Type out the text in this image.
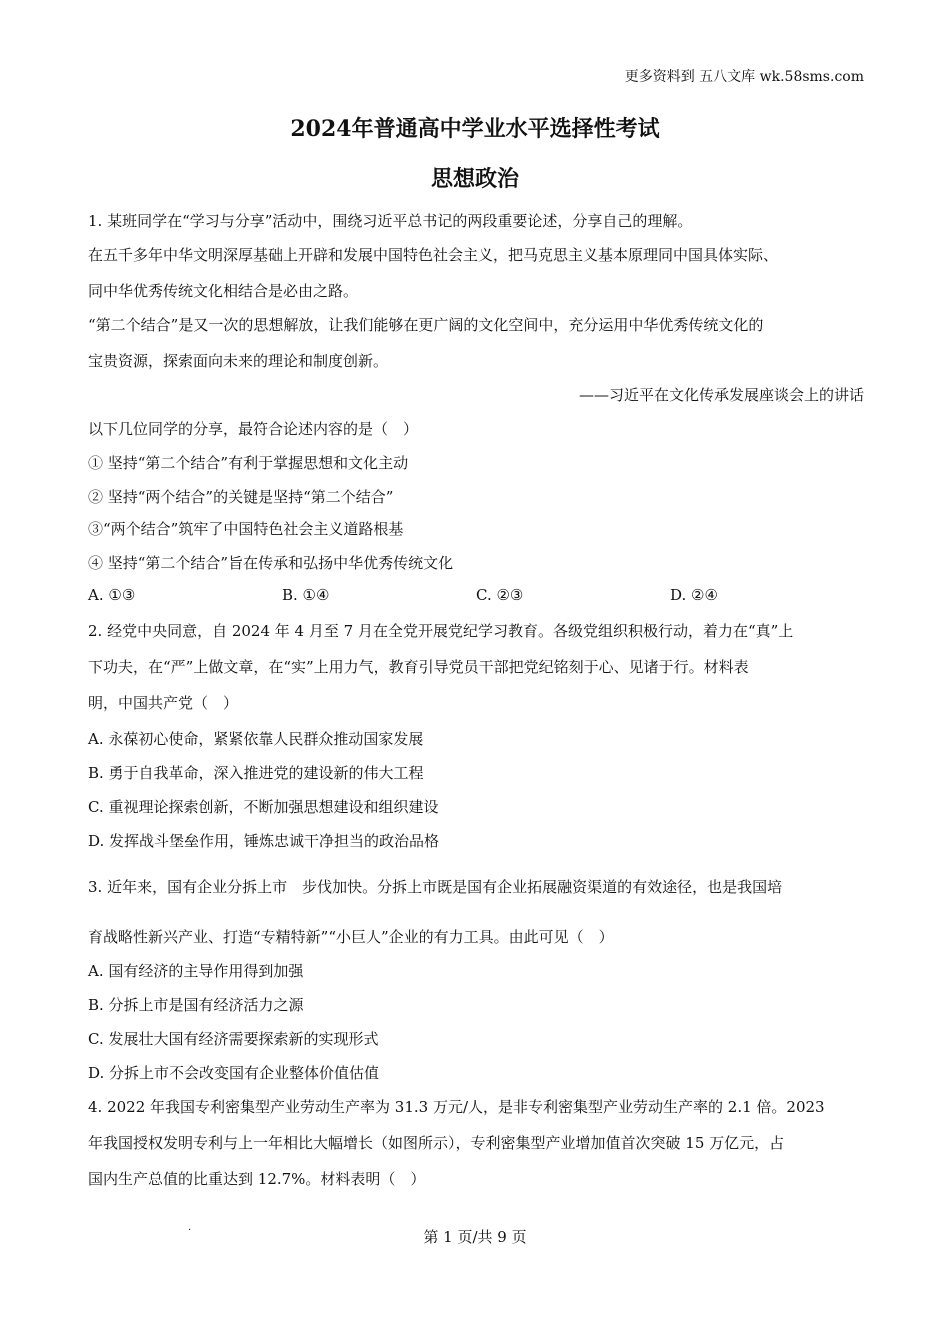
更多资料到 五八文库 wk.58sms.com
2024年普通高中学业水平选择性考试
思想政治
1. 某班同学在“学习与分享”活动中，围绕习近平总书记的两段重要论述，分享自己的理解。
在五千多年中华文明深厚基础上开辟和发展中国特色社会主义，把马克思主义基本原理同中国具体实际、
同中华优秀传统文化相结合是必由之路。
“第二个结合”是又一次的思想解放，让我们能够在更广阔的文化空间中，充分运用中华优秀传统文化的
宝贵资源，探索面向未来的理论和制度创新。
——习近平在文化传承发展座谈会上的讲话
以下几位同学的分享，最符合论述内容的是（　）
① 坚持“第二个结合”有利于掌握思想和文化主动
② 坚持“两个结合”的关键是坚持“第二个结合”
③“两个结合”筑牢了中国特色社会主义道路根基
④ 坚持“第二个结合”旨在传承和弘扬中华优秀传统文化
A. ①③	B. ①④	C. ②③	D. ②④
2. 经党中央同意，自 2024 年 4 月至 7 月在全党开展党纪学习教育。各级党组织积极行动，着力在“真”上
下功夫，在“严”上做文章，在“实”上用力气，教育引导党员干部把党纪铭刻于心、见诸于行。材料表
明，中国共产党（　）
A. 永葆初心使命，紧紧依靠人民群众推动国家发展
B. 勇于自我革命，深入推进党的建设新的伟大工程
C. 重视理论探索创新，不断加强思想建设和组织建设
D. 发挥战斗堡垒作用，锤炼忠诚干净担当的政治品格
3. 近年来，国有企业分拆上市　步伐加快。分拆上市既是国有企业拓展融资渠道的有效途径，也是我国培
育战略性新兴产业、打造“专精特新”“小巨人”企业的有力工具。由此可见（　）
A. 国有经济的主导作用得到加强
B. 分拆上市是国有经济活力之源
C. 发展壮大国有经济需要探索新的实现形式
D. 分拆上市不会改变国有企业整体价值估值
4. 2022 年我国专利密集型产业劳动生产率为 31.3 万元/人，是非专利密集型产业劳动生产率的 2.1 倍。2023
年我国授权发明专利与上一年相比大幅增长（如图所示），专利密集型产业增加值首次突破 15 万亿元，占
国内生产总值的比重达到 12.7%。材料表明（　）
.
第 1 页/共 9 页
